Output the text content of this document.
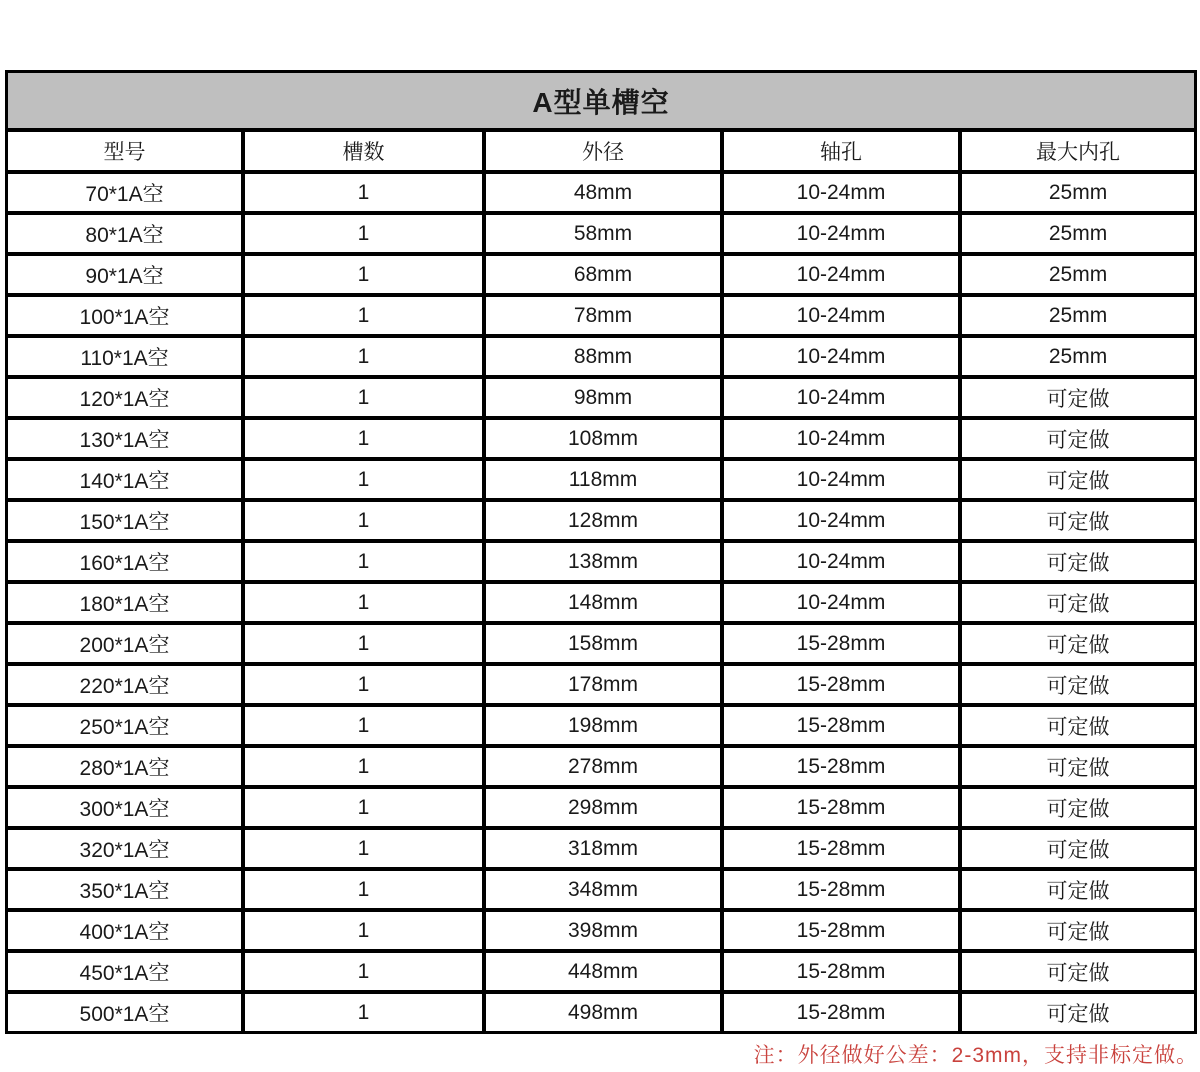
A型单槽空				
型号	槽数	外径	轴孔	最大内孔
70*1A空	1	48mm	10-24mm	25mm
80*1A空	1	58mm	10-24mm	25mm
90*1A空	1	68mm	10-24mm	25mm
100*1A空	1	78mm	10-24mm	25mm
110*1A空	1	88mm	10-24mm	25mm
120*1A空	1	98mm	10-24mm	可定做
130*1A空	1	108mm	10-24mm	可定做
140*1A空	1	118mm	10-24mm	可定做
150*1A空	1	128mm	10-24mm	可定做
160*1A空	1	138mm	10-24mm	可定做
180*1A空	1	148mm	10-24mm	可定做
200*1A空	1	158mm	15-28mm	可定做
220*1A空	1	178mm	15-28mm	可定做
250*1A空	1	198mm	15-28mm	可定做
280*1A空	1	278mm	15-28mm	可定做
300*1A空	1	298mm	15-28mm	可定做
320*1A空	1	318mm	15-28mm	可定做
350*1A空	1	348mm	15-28mm	可定做
400*1A空	1	398mm	15-28mm	可定做
450*1A空	1	448mm	15-28mm	可定做
500*1A空	1	498mm	15-28mm	可定做
注：外径做好公差：2-3mm，支持非标定做。
